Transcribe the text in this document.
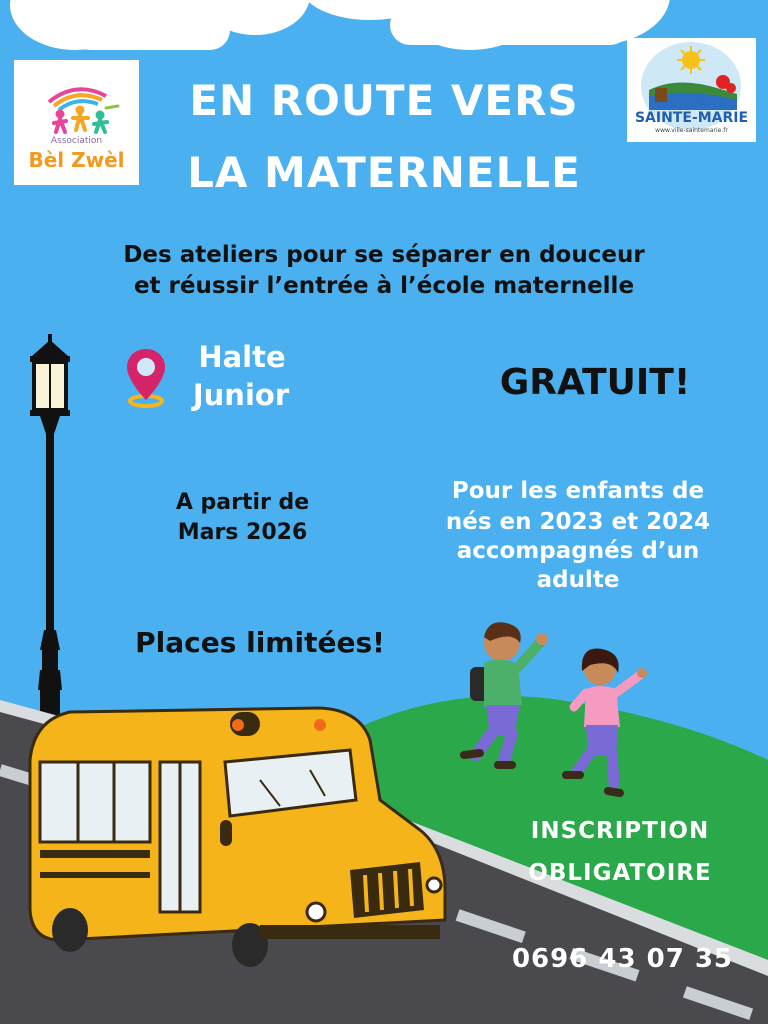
Association
Bèl Zwèl
Ville
SAINTE-MARIE
www.ville-saintemarie.fr
EN ROUTE VERS
LA MATERNELLE
Des ateliers pour se séparer en douceur
et réussir l’entrée à l’école maternelle
Halte
Junior	GRATUIT!
A partir de
Mars 2026
Pour les enfants de
nés en 2023 et 2024
accompagnés d’un
adulte
Places limitées!
INSCRIPTION
OBLIGATOIRE
0696 43 07 35
